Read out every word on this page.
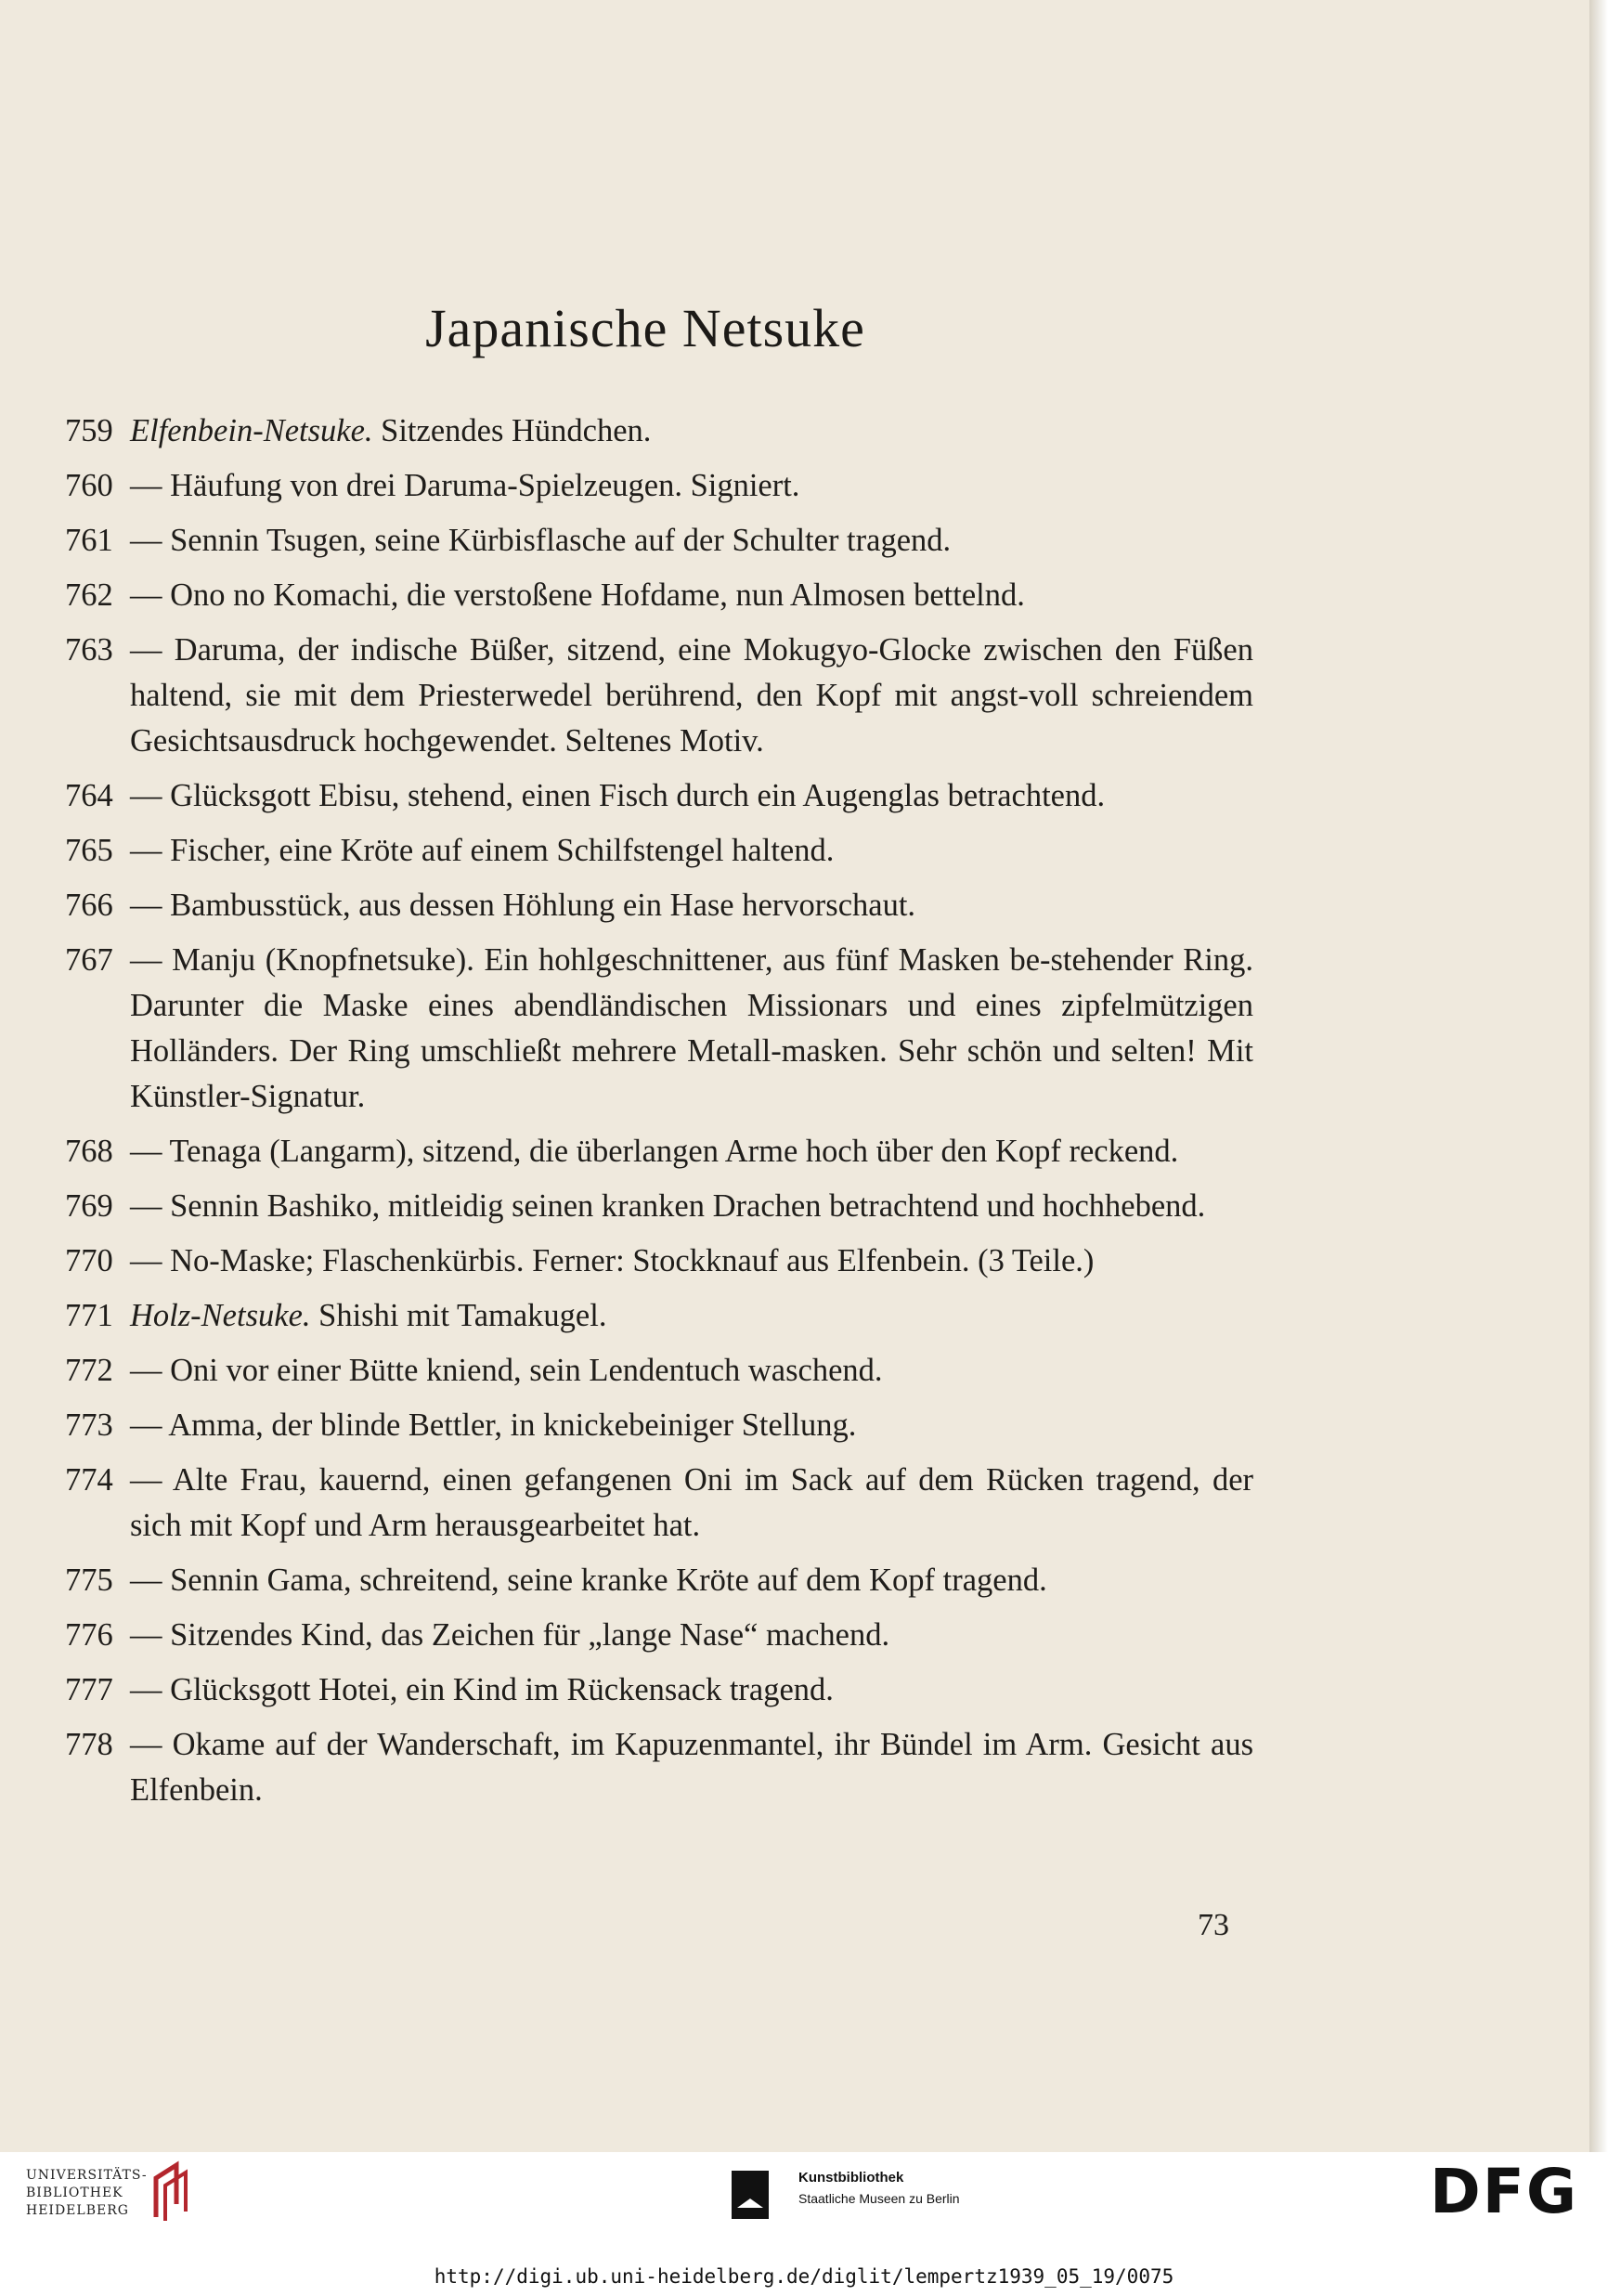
Japanische Netsuke
759 Elfenbein-Netsuke. Sitzendes Hündchen.
760 — Häufung von drei Daruma-Spielzeugen. Signiert.
761 — Sennin Tsugen, seine Kürbisflasche auf der Schulter tragend.
762 — Ono no Komachi, die verstoßene Hofdame, nun Almosen bettelnd.
763 — Daruma, der indische Büßer, sitzend, eine Mokugyo-Glocke zwischen den Füßen haltend, sie mit dem Priesterwedel berührend, den Kopf mit angst-voll schreiendem Gesichtsausdruck hochgewendet. Seltenes Motiv.
764 — Glücksgott Ebisu, stehend, einen Fisch durch ein Augenglas betrachtend.
765 — Fischer, eine Kröte auf einem Schilfstengel haltend.
766 — Bambusstück, aus dessen Höhlung ein Hase hervorschaut.
767 — Manju (Knopfnetsuke). Ein hohlgeschnittener, aus fünf Masken be-stehender Ring. Darunter die Maske eines abendländischen Missionars und eines zipfelmützigen Holländers. Der Ring umschließt mehrere Metall-masken. Sehr schön und selten! Mit Künstler-Signatur.
768 — Tenaga (Langarm), sitzend, die überlangen Arme hoch über den Kopf reckend.
769 — Sennin Bashiko, mitleidig seinen kranken Drachen betrachtend und hochhebend.
770 — No-Maske; Flaschenkürbis. Ferner: Stockknauf aus Elfenbein. (3 Teile.)
771 Holz-Netsuke. Shishi mit Tamakugel.
772 — Oni vor einer Bütte kniend, sein Lendentuch waschend.
773 — Amma, der blinde Bettler, in knickebeiniger Stellung.
774 — Alte Frau, kauernd, einen gefangenen Oni im Sack auf dem Rücken tragend, der sich mit Kopf und Arm herausgearbeitet hat.
775 — Sennin Gama, schreitend, seine kranke Kröte auf dem Kopf tragend.
776 — Sitzendes Kind, das Zeichen für „lange Nase“ machend.
777 — Glücksgott Hotei, ein Kind im Rückensack tragend.
778 — Okame auf der Wanderschaft, im Kapuzenmantel, ihr Bündel im Arm. Gesicht aus Elfenbein.
73
UNIVERSITÄTS-
BIBLIOTHEK
HEIDELBERG
Kunstbibliothek
Staatliche Museen zu Berlin	DFG
http://digi.ub.uni-heidelberg.de/diglit/lempertz1939_05_19/0075
